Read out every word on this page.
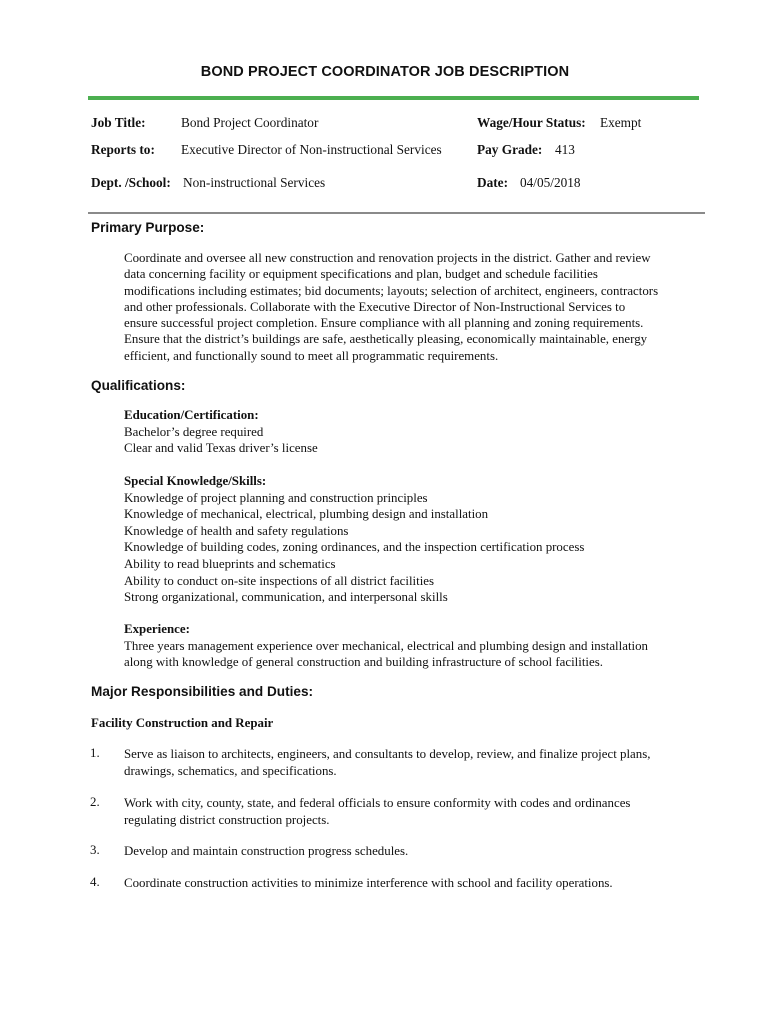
BOND PROJECT COORDINATOR JOB DESCRIPTION
Job Title:	Bond Project Coordinator	Wage/Hour Status: Exempt
Reports to: Executive Director of Non-instructional Services	Pay Grade: 413
Dept. /School: Non-instructional Services	Date: 04/05/2018
Primary Purpose:
Coordinate and oversee all new construction and renovation projects in the district. Gather and review
data concerning facility or equipment specifications and plan, budget and schedule facilities
modifications including estimates; bid documents; layouts; selection of architect, engineers, contractors
and other professionals. Collaborate with the Executive Director of Non-Instructional Services to
ensure successful project completion. Ensure compliance with all planning and zoning requirements.
Ensure that the district’s buildings are safe, aesthetically pleasing, economically maintainable, energy
efficient, and functionally sound to meet all programmatic requirements.
Qualifications:
Education/Certification:
Bachelor’s degree required
Clear and valid Texas driver’s license
Special Knowledge/Skills:
Knowledge of project planning and construction principles
Knowledge of mechanical, electrical, plumbing design and installation
Knowledge of health and safety regulations
Knowledge of building codes, zoning ordinances, and the inspection certification process
Ability to read blueprints and schematics
Ability to conduct on-site inspections of all district facilities
Strong organizational, communication, and interpersonal skills
Experience:
Three years management experience over mechanical, electrical and plumbing design and installation
along with knowledge of general construction and building infrastructure of school facilities.
Major Responsibilities and Duties:
Facility Construction and Repair
1. Serve as liaison to architects, engineers, and consultants to develop, review, and finalize project plans,
drawings, schematics, and specifications.
2. Work with city, county, state, and federal officials to ensure conformity with codes and ordinances
regulating district construction projects.
3. Develop and maintain construction progress schedules.
4. Coordinate construction activities to minimize interference with school and facility operations.
